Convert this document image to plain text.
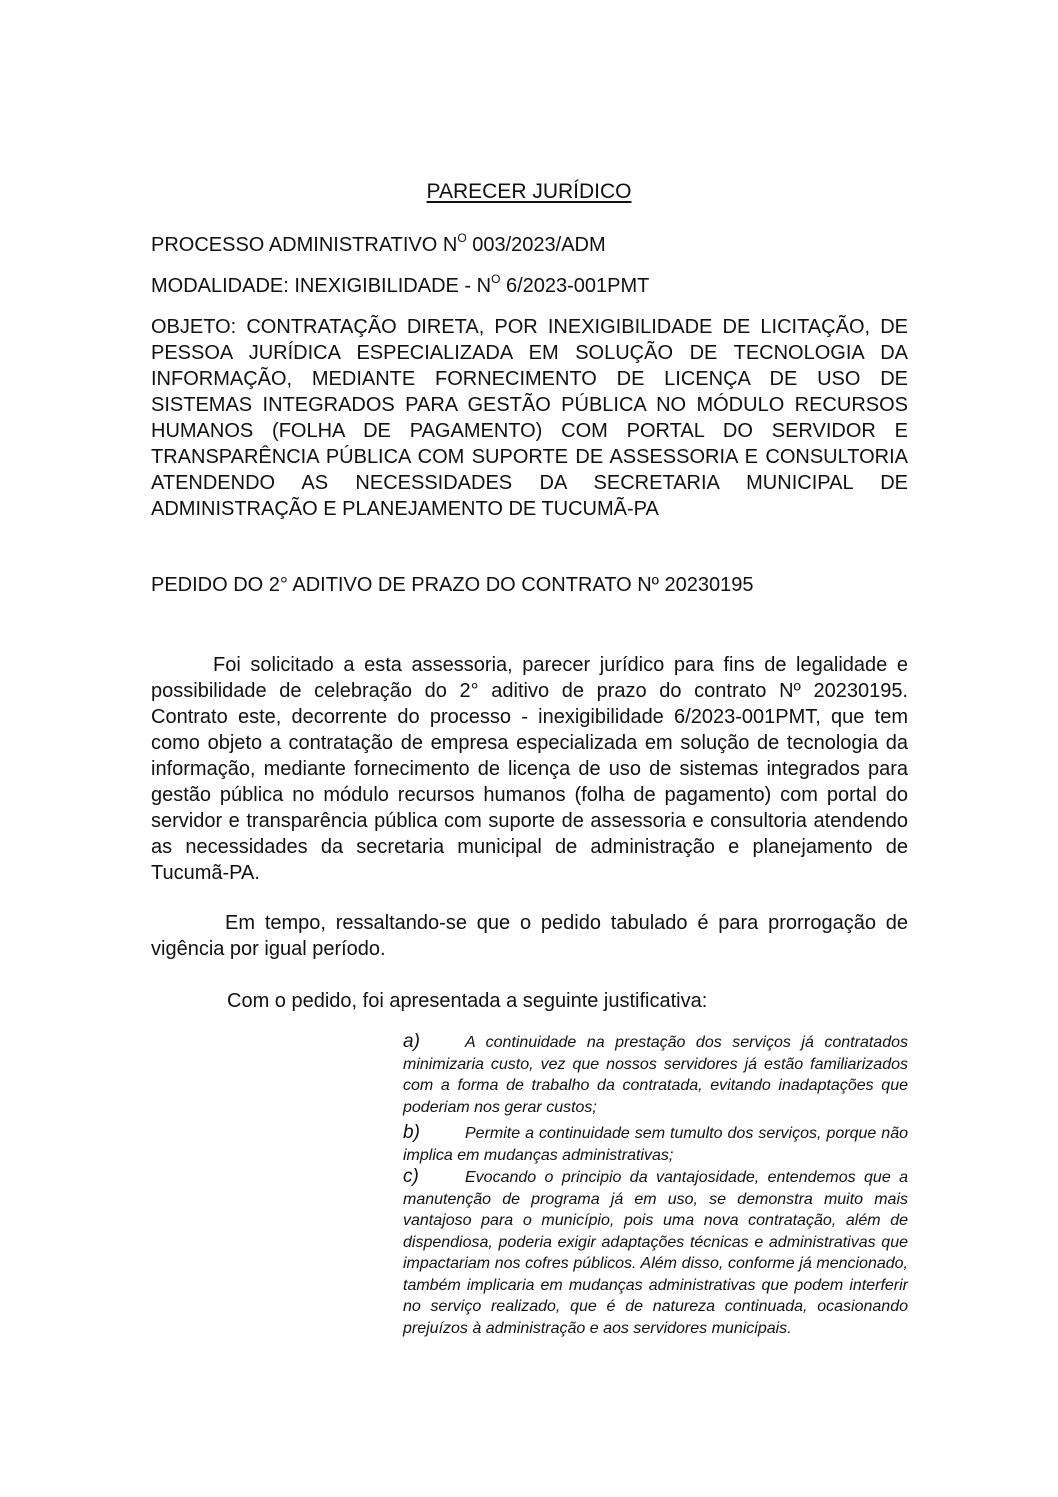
PARECER JURÍDICO
PROCESSO ADMINISTRATIVO $N^O$ 003/2023/ADM
MODALIDADE: INEXIGIBILIDADE - $N^O$ 6/2023-001PMT
OBJETO: CONTRATAÇÃO DIRETA, POR INEXIGIBILIDADE DE LICITAÇÃO, DE PESSOA JURÍDICA ESPECIALIZADA EM SOLUÇÃO DE TECNOLOGIA DA INFORMAÇÃO, MEDIANTE FORNECIMENTO DE LICENÇA DE USO DE SISTEMAS INTEGRADOS PARA GESTÃO PÚBLICA NO MÓDULO RECURSOS HUMANOS (FOLHA DE PAGAMENTO) COM PORTAL DO SERVIDOR E TRANSPARÊNCIA PÚBLICA COM SUPORTE DE ASSESSORIA E CONSULTORIA ATENDENDO AS NECESSIDADES DA SECRETARIA MUNICIPAL DE ADMINISTRAÇÃO E PLANEJAMENTO DE TUCUMÃ-PA
PEDIDO DO 2° ADITIVO DE PRAZO DO CONTRATO Nº 20230195
Foi solicitado a esta assessoria, parecer jurídico para fins de legalidade e possibilidade de celebração do 2° aditivo de prazo do contrato Nº 20230195. Contrato este, decorrente do processo - inexigibilidade 6/2023-001PMT, que tem como objeto a contratação de empresa especializada em solução de tecnologia da informação, mediante fornecimento de licença de uso de sistemas integrados para gestão pública no módulo recursos humanos (folha de pagamento) com portal do servidor e transparência pública com suporte de assessoria e consultoria atendendo as necessidades da secretaria municipal de administração e planejamento de Tucumã-PA.
Em tempo, ressaltando-se que o pedido tabulado é para prorrogação de vigência por igual período.
Com o pedido, foi apresentada a seguinte justificativa:
a)	A continuidade na prestação dos serviços já contratados minimizaria custo, vez que nossos servidores já estão familiarizados com a forma de trabalho da contratada, evitando inadaptações que poderiam nos gerar custos;
b)	Permite a continuidade sem tumulto dos serviços, porque não implica em mudanças administrativas;
c)	Evocando o principio da vantajosidade, entendemos que a manutenção de programa já em uso, se demonstra muito mais vantajoso para o município, pois uma nova contratação, além de dispendiosa, poderia exigir adaptações técnicas e administrativas que impactariam nos cofres públicos. Além disso, conforme já mencionado, também implicaria em mudanças administrativas que podem interferir no serviço realizado, que é de natureza continuada, ocasionando prejuízos à administração e aos servidores municipais.
